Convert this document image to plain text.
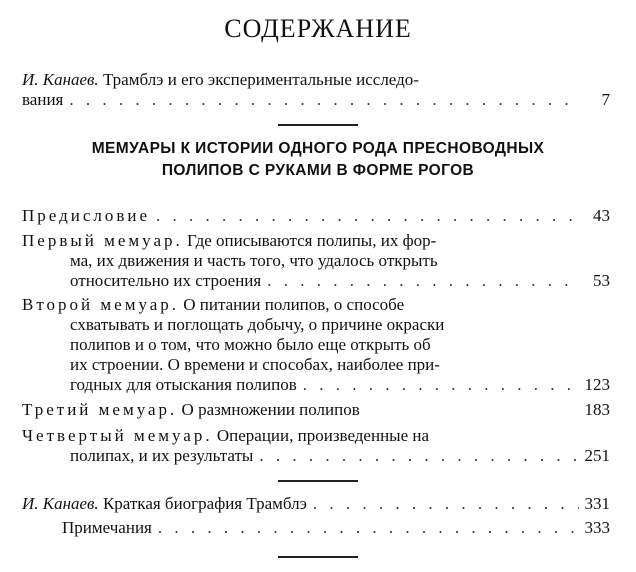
СОДЕРЖАНИЕ
И. Канаев. Трамблэ и его экспериментальные исследо-
вания . . .	7
МЕМУАРЫ К ИСТОРИИ ОДНОГО РОДА ПРЕСНОВОДНЫХ
ПОЛИПОВ С РУКАМИ В ФОРМЕ РОГОВ
Предисловие . . .	43
Первый мемуар. Где описываются полипы, их фор-
ма, их движения и часть того, что удалось открыть
относительно их строения . . .	53
Второй мемуар. О питании полипов, о способе
схватывать и поглощать добычу, о причине окраски
полипов и о том, что можно было еще открыть об
их строении. О времени и способах, наиболее при-
годных для отыскания полипов . . .	123
Третий мемуар. О размножении полипов	183
Четвертый мемуар. Операции, произведенные на
полипах, и их результаты . . .	251
И. Канаев. Краткая биография Трамблэ . . .	331
Примечания . . .	333
